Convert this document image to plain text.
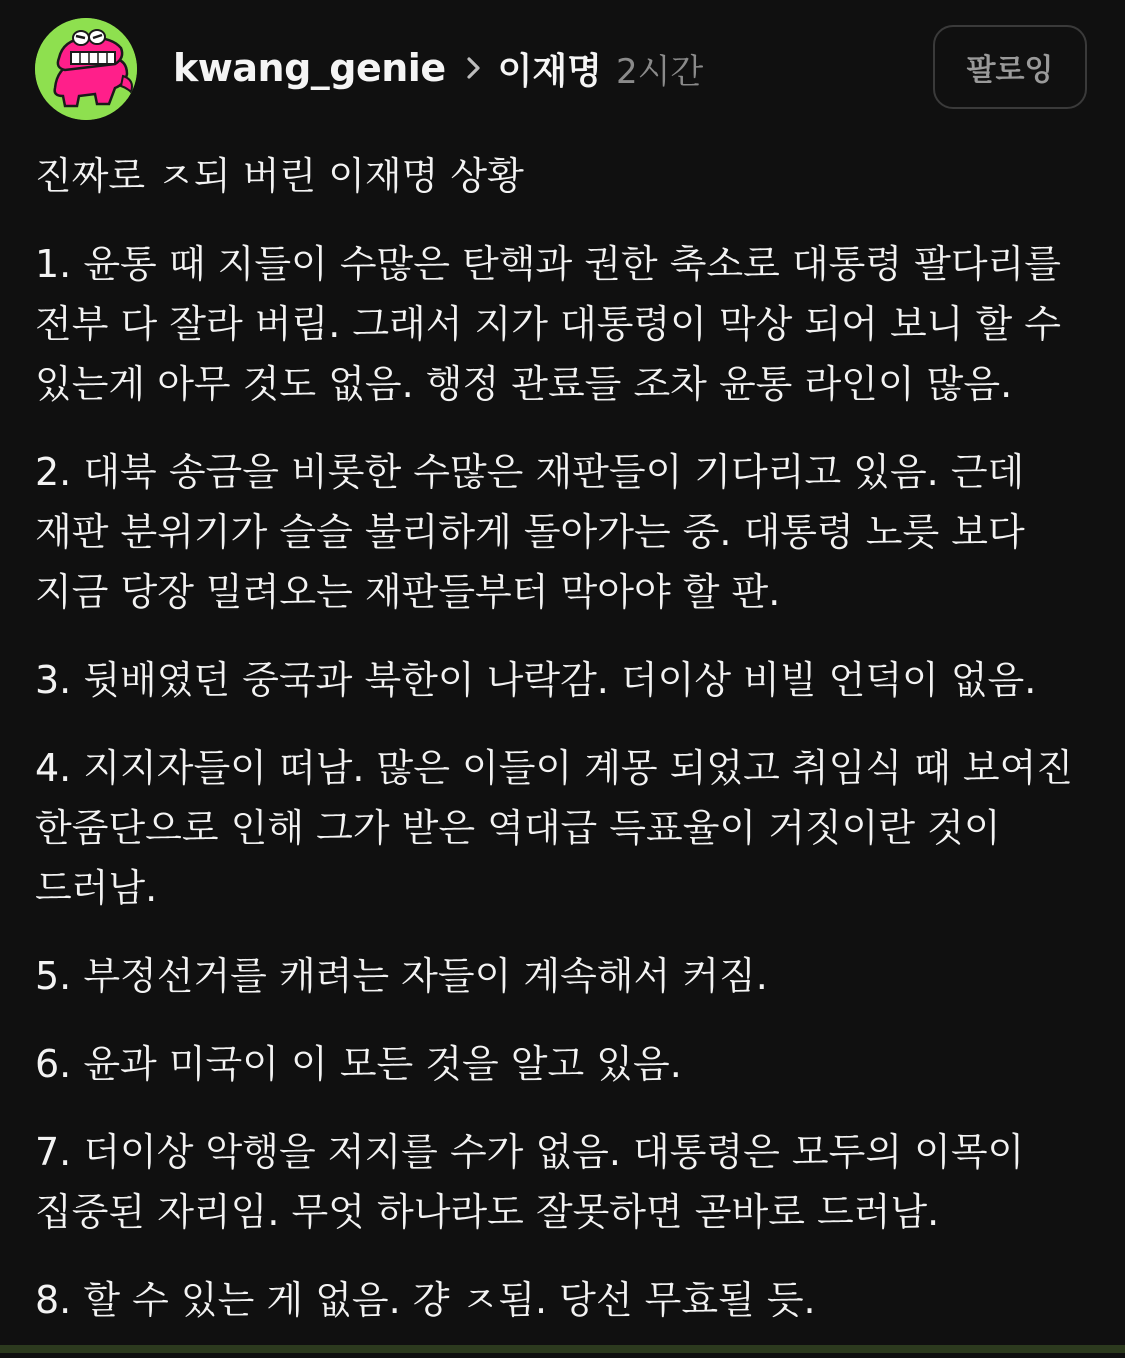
kwang_genie 이재명 2시간	팔로잉
진짜로 ㅈ되 버린 이재명 상황
1. 윤통 때 지들이 수많은 탄핵과 권한 축소로 대통령 팔다리를 전부 다 잘라 버림. 그래서 지가 대통령이 막상 되어 보니 할 수 있는게 아무 것도 없음. 행정 관료들 조차 윤통 라인이 많음.
2. 대북 송금을 비롯한 수많은 재판들이 기다리고 있음. 근데 재판 분위기가 슬슬 불리하게 돌아가는 중. 대통령 노릇 보다 지금 당장 밀려오는 재판들부터 막아야 할 판.
3. 뒷배였던 중국과 북한이 나락감. 더이상 비빌 언덕이 없음.
4. 지지자들이 떠남. 많은 이들이 계몽 되었고 취임식 때 보여진 한줌단으로 인해 그가 받은 역대급 득표율이 거짓이란 것이 드러남.
5. 부정선거를 캐려는 자들이 계속해서 커짐.
6. 윤과 미국이 이 모든 것을 알고 있음.
7. 더이상 악행을 저지를 수가 없음. 대통령은 모두의 이목이 집중된 자리임. 무엇 하나라도 잘못하면 곧바로 드러남.
8. 할 수 있는 게 없음. 걍 ㅈ됨. 당선 무효될 듯.
